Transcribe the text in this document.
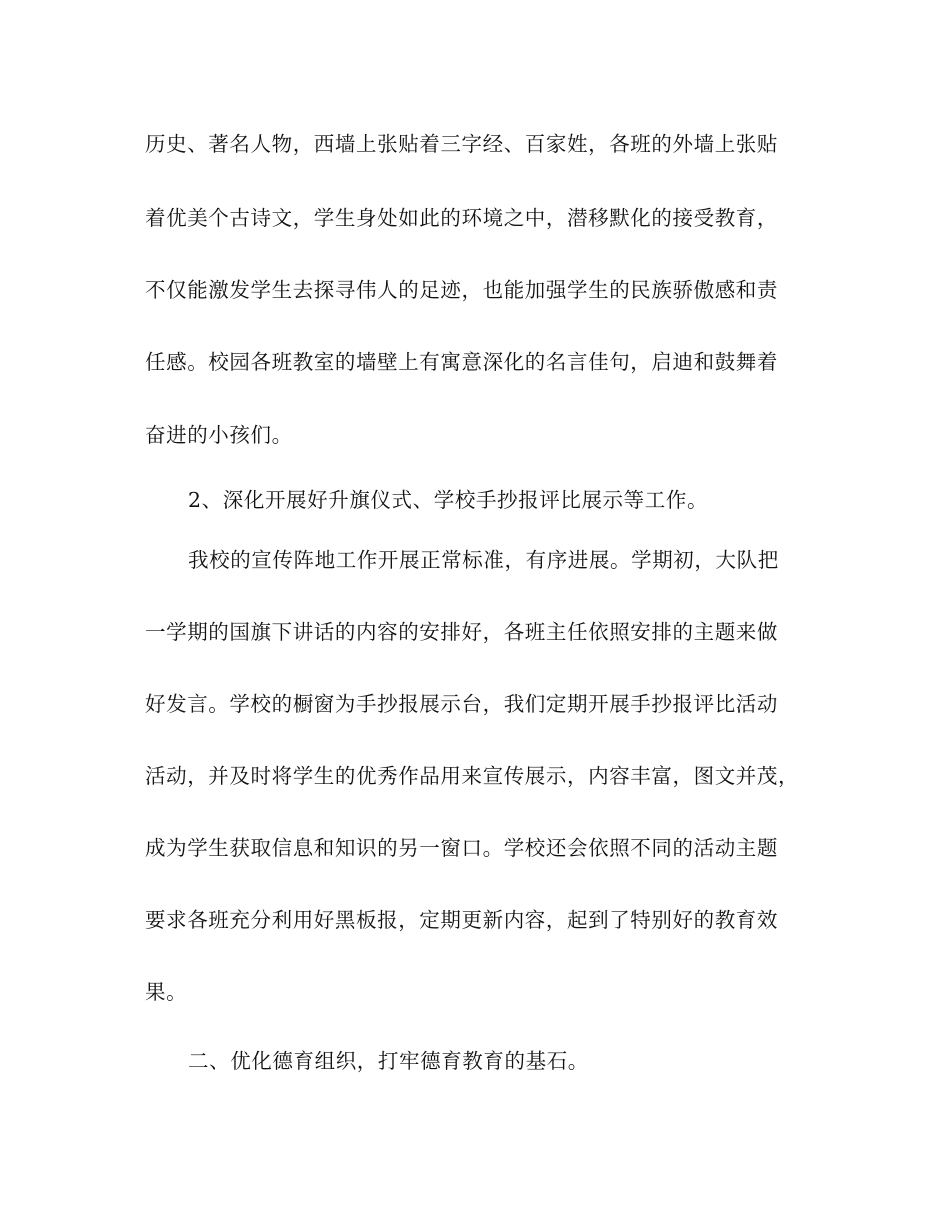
历史、著名人物，西墙上张贴着三字经、百家姓，各班的外墙上张贴
着优美个古诗文，学生身处如此的环境之中，潜移默化的接受教育，
不仅能激发学生去探寻伟人的足迹，也能加强学生的民族骄傲感和责
任感。校园各班教室的墙壁上有寓意深化的名言佳句，启迪和鼓舞着
奋进的小孩们。
2、深化开展好升旗仪式、学校手抄报评比展示等工作。
我校的宣传阵地工作开展正常标准，有序进展。学期初，大队把
一学期的国旗下讲话的内容的安排好，各班主任依照安排的主题来做
好发言。学校的橱窗为手抄报展示台，我们定期开展手抄报评比活动
活动，并及时将学生的优秀作品用来宣传展示，内容丰富，图文并茂，
成为学生获取信息和知识的另一窗口。学校还会依照不同的活动主题
要求各班充分利用好黑板报，定期更新内容，起到了特别好的教育效
果。
二、优化德育组织，打牢德育教育的基石。
